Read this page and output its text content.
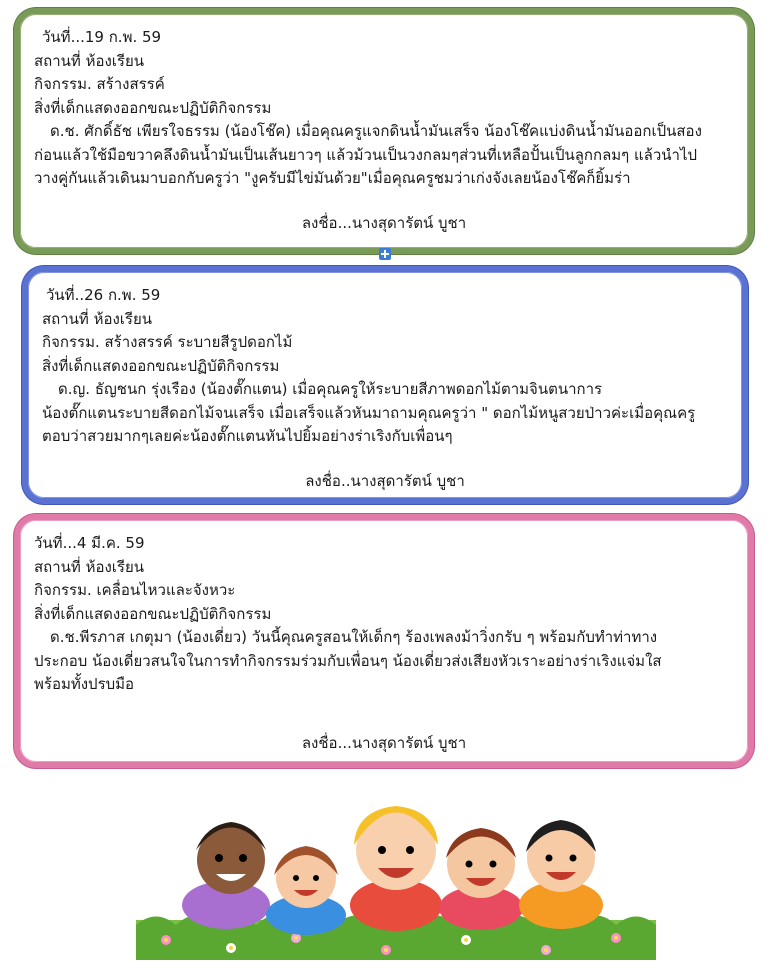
วันที่...19 ก.พ. 59
สถานที่ ห้องเรียน
กิจกรรม. สร้างสรรค์
สิ่งที่เด็กแสดงออกขณะปฏิบัติกิจกรรม
ด.ช. ศักดิ์ธัช เพียรใจธรรม (น้องโช๊ค) เมื่อคุณครูแจกดินน้ำมันเสร็จ น้องโช๊คแบ่งดินน้ำมันออกเป็นสอง
ก่อนแล้วใช้มือขวาคลึงดินน้ำมันเป็นเส้นยาวๆ แล้วม้วนเป็นวงกลมๆส่วนที่เหลือปั้นเป็นลูกกลมๆ แล้วนำไป
วางคู่กันแล้วเดินมาบอกกับครูว่า "งูครับมีไข่มันด้วย"เมื่อคุณครูชมว่าเก่งจังเลยน้องโช๊คก็ยิ้มร่า
ลงชื่อ...นางสุดารัตน์ บูชา
วันที่..26 ก.พ. 59
สถานที่ ห้องเรียน
กิจกรรม. สร้างสรรค์ ระบายสีรูปดอกไม้
สิ่งที่เด็กแสดงออกขณะปฏิบัติกิจกรรม
ด.ญ. ธัญชนก รุ่งเรือง (น้องตั๊กแตน) เมื่อคุณครูให้ระบายสีภาพดอกไม้ตามจินตนาการ
น้องตั๊กแตนระบายสีดอกไม้จนเสร็จ เมื่อเสร็จแล้วหันมาถามคุณครูว่า " ดอกไม้หนูสวยป่าวค่ะเมื่อคุณครู
ตอบว่าสวยมากๆเลยค่ะน้องตั๊กแตนหันไปยิ้มอย่างร่าเริงกับเพื่อนๆ
ลงชื่อ..นางสุดารัตน์ บูชา
วันที่...4 มี.ค. 59
สถานที่ ห้องเรียน
กิจกรรม. เคลื่อนไหวและจังหวะ
สิ่งที่เด็กแสดงออกขณะปฏิบัติกิจกรรม
ด.ช.พีรภาส เกตุมา (น้องเดี่ยว) วันนี้คุณครูสอนให้เด็กๆ ร้องเพลงม้าวิ่งกรับ ๆ พร้อมกับทำท่าทาง
ประกอบ น้องเดี่ยวสนใจในการทำกิจกรรมร่วมกับเพื่อนๆ น้องเดี่ยวส่งเสียงหัวเราะอย่างร่าเริงแจ่มใส
พร้อมทั้งปรบมือ
ลงชื่อ...นางสุดารัตน์ บูชา
